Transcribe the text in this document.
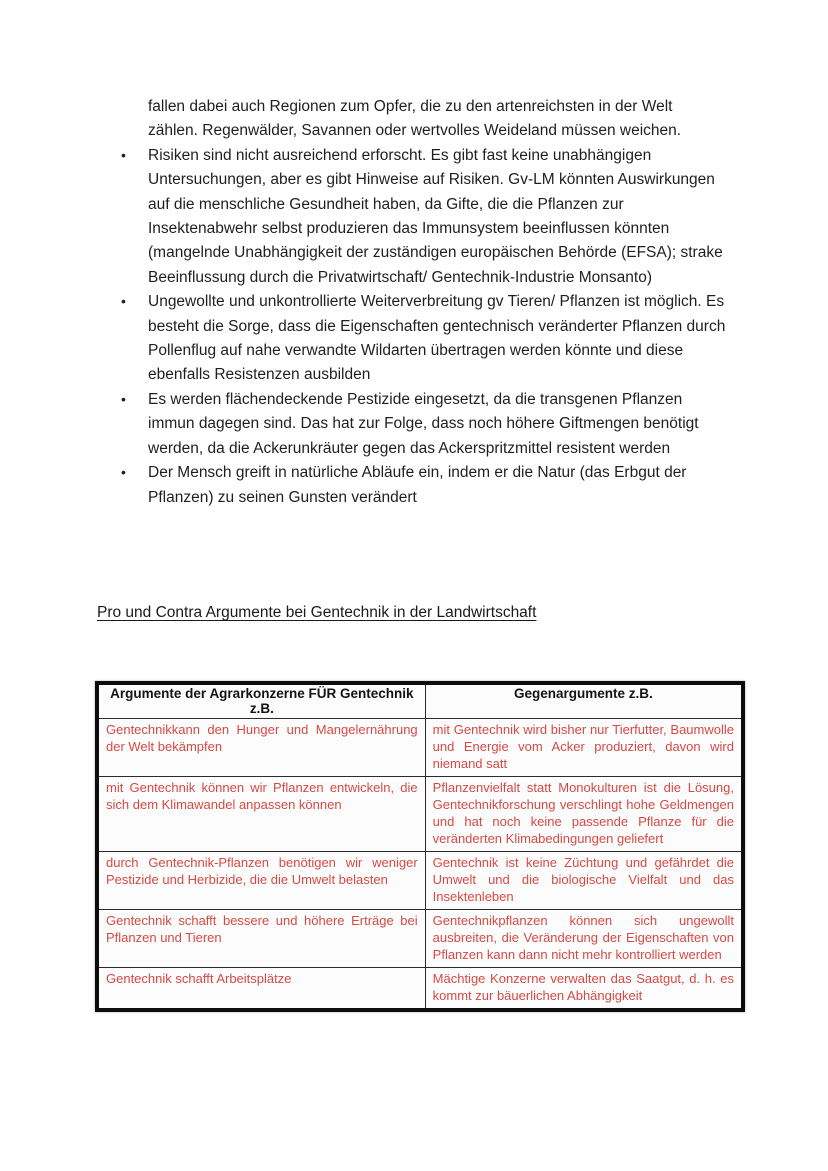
fallen dabei auch Regionen zum Opfer, die zu den artenreichsten in der Welt zählen. Regenwälder, Savannen oder wertvolles Weideland müssen weichen.

• Risiken sind nicht ausreichend erforscht. Es gibt fast keine unabhängigen Untersuchungen, aber es gibt Hinweise auf Risiken. Gv-LM könnten Auswirkungen auf die menschliche Gesundheit haben, da Gifte, die die Pflanzen zur Insektenabwehr selbst produzieren das Immunsystem beeinflussen könnten (mangelnde Unabhängigkeit der zuständigen europäischen Behörde (EFSA); strake Beeinflussung durch die Privatwirtschaft/ Gentechnik-Industrie Monsanto)
• Ungewollte und unkontrollierte Weiterverbreitung gv Tieren/ Pflanzen ist möglich. Es besteht die Sorge, dass die Eigenschaften gentechnisch veränderter Pflanzen durch Pollenflug auf nahe verwandte Wildarten übertragen werden könnte und diese ebenfalls Resistenzen ausbilden
• Es werden flächendeckende Pestizide eingesetzt, da die transgenen Pflanzen immun dagegen sind. Das hat zur Folge, dass noch höhere Giftmengen benötigt werden, da die Ackerunkräuter gegen das Ackerspritzmittel resistent werden
• Der Mensch greift in natürliche Abläufe ein, indem er die Natur (das Erbgut der Pflanzen) zu seinen Gunsten verändert
Pro und Contra Argumente bei Gentechnik in der Landwirtschaft
Argumente der Agrarkonzerne FÜR Gentechnik z.B.	Gegenargumente z.B.
Gentechnikkann den Hunger und Mangelernährung der Welt bekämpfen	mit Gentechnik wird bisher nur Tierfutter, Baumwolle und Energie vom Acker produziert, davon wird niemand satt
mit Gentechnik können wir Pflanzen entwickeln, die sich dem Klimawandel anpassen können	Pflanzenvielfalt statt Monokulturen ist die Lösung, Gentechnikforschung verschlingt hohe Geldmengen und hat noch keine passende Pflanze für die veränderten Klimabedingungen geliefert
durch Gentechnik-Pflanzen benötigen wir weniger Pestizide und Herbizide, die die Umwelt belasten	Gentechnik ist keine Züchtung und gefährdet die Umwelt und die biologische Vielfalt und das Insektenleben
Gentechnik schafft bessere und höhere Erträge bei Pflanzen und Tieren	Gentechnikpflanzen können sich ungewollt ausbreiten, die Veränderung der Eigenschaften von Pflanzen kann dann nicht mehr kontrolliert werden
Gentechnik schafft Arbeitsplätze	Mächtige Konzerne verwalten das Saatgut, d. h. es kommt zur bäuerlichen Abhängigkeit
